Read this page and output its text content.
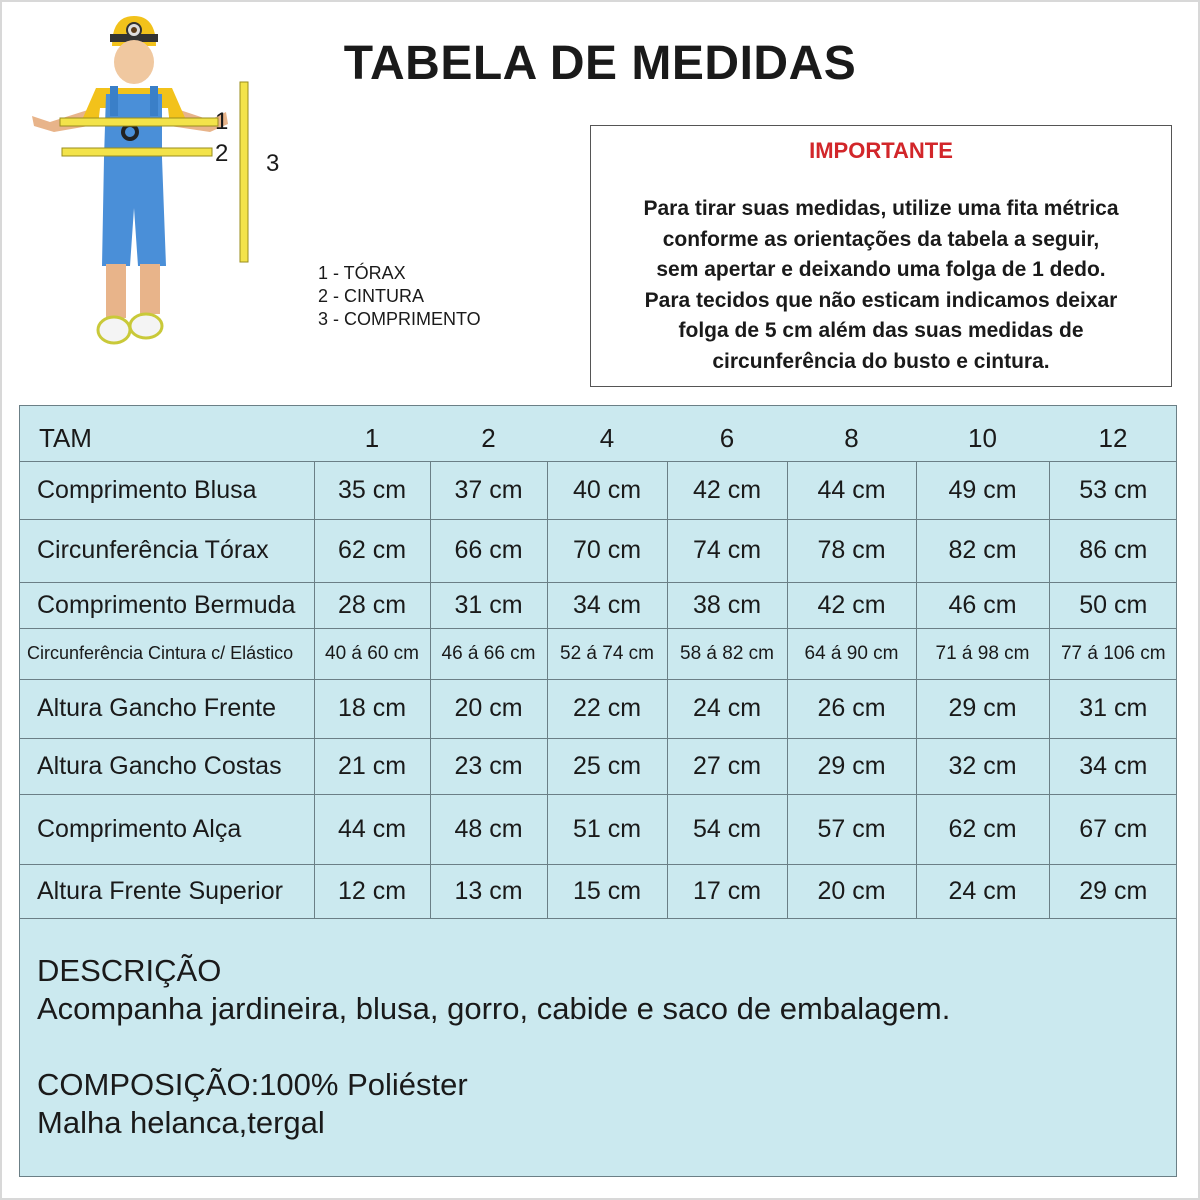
TABELA DE MEDIDAS
1
2 3
1 - TÓRAX
2 - CINTURA
3 - COMPRIMENTO
IMPORTANTE
Para tirar suas medidas, utilize uma fita métrica
conforme as orientações da tabela a seguir,
sem apertar e deixando uma folga de 1 dedo.
Para tecidos que não esticam indicamos deixar
folga de 5 cm além das suas medidas de
circunferência do busto e cintura.
TAM	1	2	4	6	8	10	12
Comprimento Blusa	35 cm	37 cm	40 cm	42 cm	44 cm	49 cm	53 cm
Circunferência Tórax	62 cm	66 cm	70 cm	74 cm	78 cm	82 cm	86 cm
Comprimento Bermuda	28 cm	31 cm	34 cm	38 cm	42 cm	46 cm	50 cm
Circunferência Cintura c/ Elástico	40 á 60 cm	46 á 66 cm	52 á 74 cm	58 á 82 cm	64 á 90 cm	71 á 98 cm	77 á 106 cm
Altura Gancho Frente	18 cm	20 cm	22 cm	24 cm	26 cm	29 cm	31 cm
Altura Gancho Costas	21 cm	23 cm	25 cm	27 cm	29 cm	32 cm	34 cm
Comprimento Alça	44 cm	48 cm	51 cm	54 cm	57 cm	62 cm	67 cm
Altura Frente Superior	12 cm	13 cm	15 cm	17 cm	20 cm	24 cm	29 cm
DESCRIÇÃO
Acompanha jardineira, blusa, gorro, cabide e saco de embalagem.
COMPOSIÇÃO:100% Poliéster
Malha helanca,tergal
